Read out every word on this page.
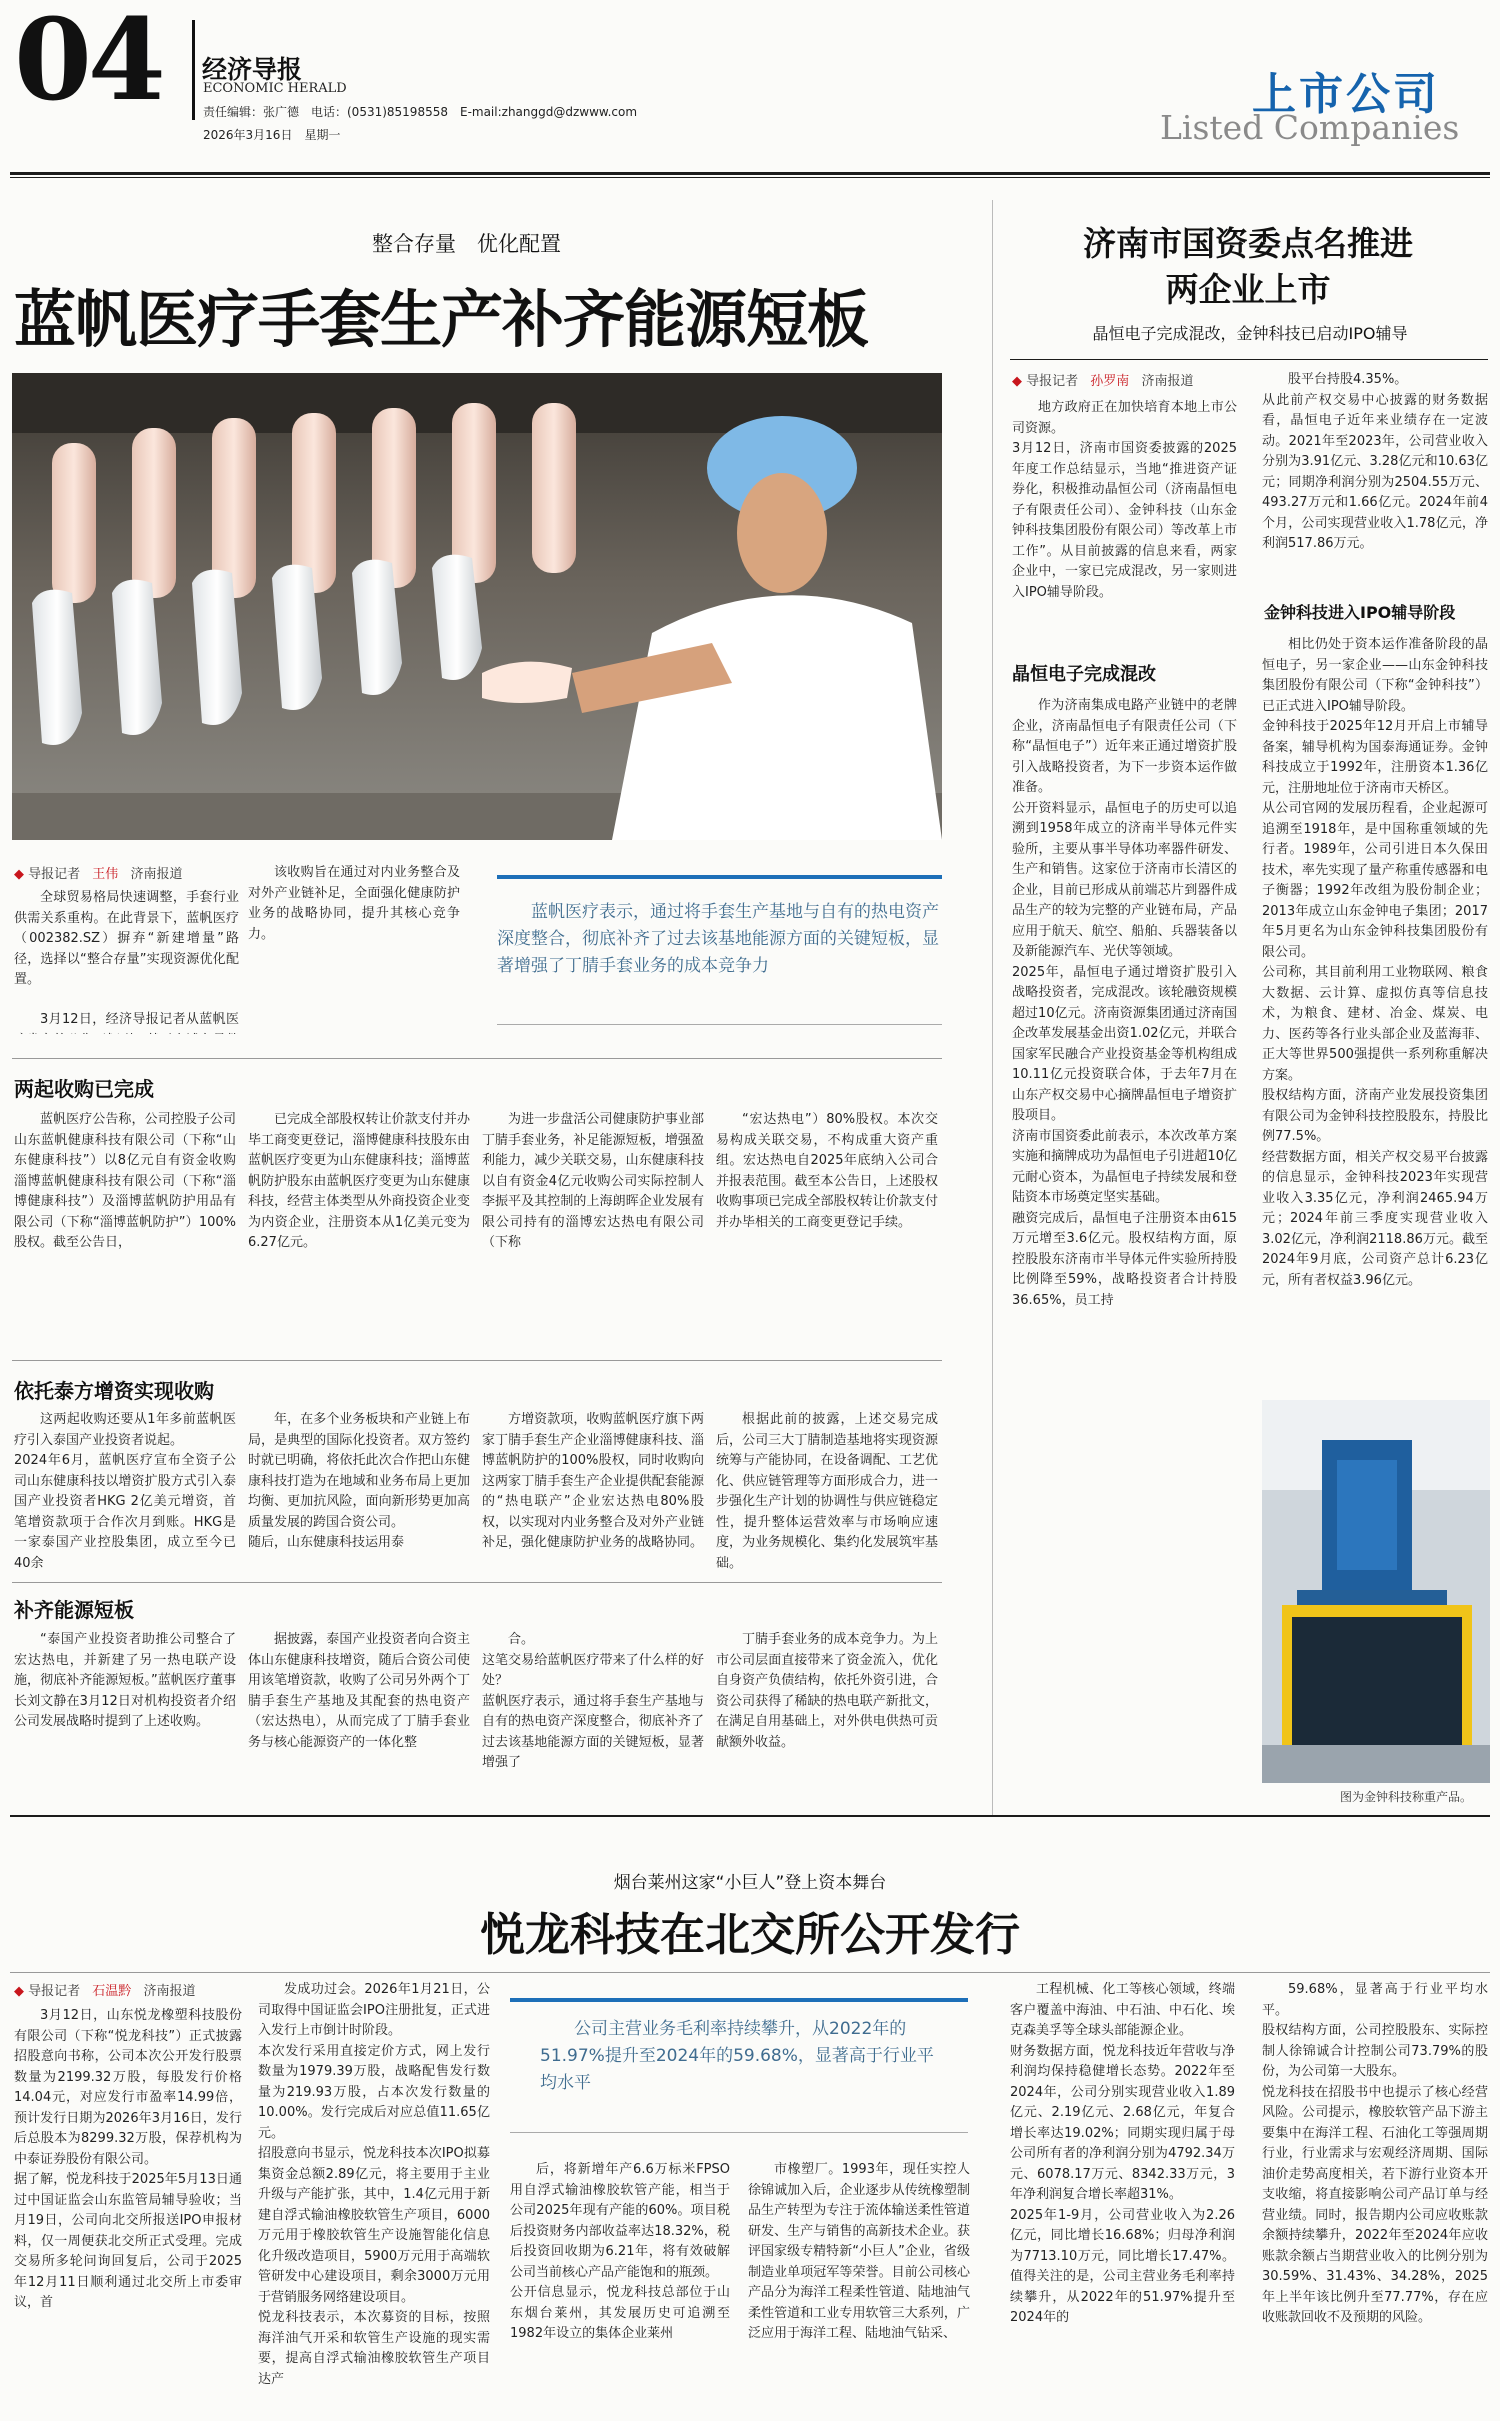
04 经济导报
ECONOMIC HERALD
责任编辑：张广德　电话：(0531)85198558　E-mail:zhanggd@dzwww.com
2026年3月16日　星期一
上市公司
Listed Companies
整合存量　优化配置
蓝帆医疗手套生产补齐能源短板
◆ 导报记者 王伟 济南报道

全球贸易格局快速调整，手套行业供需关系重构。在此背景下，蓝帆医疗（002382.SZ）摒弃“新建增量”路径，选择以“整合存量”实现资源优化配置。

3月12日，经济导报记者从蓝帆医

该收购旨在通过对内业务整合及对外产业链补足，全面强化健康防护业务的战略协同，提升其核心竞争力。

蓝帆医疗表示，通过将手套生产基地与自有的热电资产深度整合，彻底补齐了过去该基地能源方面的关键短板，显著增强了丁腈手套业务的成本竞争力
两起收购已完成

蓝帆医疗公告称，公司控股子公司山东蓝帆健康科技有限公司（下称“山东健康科技”）以8亿元自有资金收购淄博蓝帆健康科技有限公司（下称“淄博健康科技”）及淄博蓝帆防护用品有限公司（下称“淄博蓝帆防护”）100%股权。截至公告日，

已完成全部股权转让价款支付并办毕工商变更登记，淄博健康科技股东由蓝帆医疗变更为山东健康科技；淄博蓝帆防护股东由蓝帆医疗变更为山东健康科技，经营主体类型从外商投资企业变为内资企业，注册资本从1亿美元变为6.27亿元。

为进一步盘活公司健康防护事业部丁腈手套业务，补足能源短板，增强盈利能力，减少关联交易，山东健康科技以自有资金4亿元收购公司实际控制人李振平及其控制的上海朗晖企业发展有限公司持有的淄博宏达热电有限公司（下称

“宏达热电”）80%股权。本次交易构成关联交易，不构成重大资产重组。宏达热电自2025年底纳入公司合并报表范围。截至本公告日，上述股权收购事项已完成全部股权转让价款支付并办毕相关的工商变更登记手续。

依托泰方增资实现收购

这两起收购还要从1年多前蓝帆医疗引入泰国产业投资者说起。
2024年6月，蓝帆医疗宣布全资子公司山东健康科技以增资扩股方式引入泰国产业投资者HKG 2亿美元增资，首笔增资款项于合作次月到账。HKG是一家泰国产业控股集团，成立至今已40余

年，在多个业务板块和产业链上布局，是典型的国际化投资者。双方签约时就已明确，将依托此次合作把山东健康科技打造为在地域和业务布局上更加均衡、更加抗风险，面向新形势更加高质量发展的跨国合资公司。
随后，山东健康科技运用泰

方增资款项，收购蓝帆医疗旗下两家丁腈手套生产企业淄博健康科技、淄博蓝帆防护的100%股权，同时收购向这两家丁腈手套生产企业提供配套能源的“热电联产”企业宏达热电80%股权，以实现对内业务整合及对外产业链补足，强化健康防护业务的战略协同。

根据此前的披露，上述交易完成后，公司三大丁腈制造基地将实现资源统筹与产能协同，在设备调配、工艺优化、供应链管理等方面形成合力，进一步强化生产计划的协调性与供应链稳定性，提升整体运营效率与市场响应速度，为业务规模化、集约化发展筑牢基础。

补齐能源短板

“泰国产业投资者助推公司整合了宏达热电，并新建了另一热电联产设施，彻底补齐能源短板。”蓝帆医疗董事长刘文静在3月12日对机构投资者介绍公司发展战略时提到了上述收购。

据披露，泰国产业投资者向合资主体山东健康科技增资，随后合资公司使用该笔增资款，收购了公司另外两个丁腈手套生产基地及其配套的热电资产（宏达热电），从而完成了丁腈手套业务与核心能源资产的一体化整

合。
这笔交易给蓝帆医疗带来了什么样的好处？
蓝帆医疗表示，通过将手套生产基地与自有的热电资产深度整合，彻底补齐了过去该基地能源方面的关键短板，显著增强了

丁腈手套业务的成本竞争力。为上市公司层面直接带来了资金流入，优化自身资产负债结构，依托外资引进，合资公司获得了稀缺的热电联产新批文，在满足自用基础上，对外供电供热可贡献额外收益。

济南市国资委点名推进
两企业上市
晶恒电子完成混改，金钟科技已启动IPO辅导
◆ 导报记者 孙罗南 济南报道

地方政府正在加快培育本地上市公司资源。
3月12日，济南市国资委披露的2025年度工作总结显示，当地“推进资产证券化，积极推动晶恒公司（济南晶恒电子有限责任公司）、金钟科技（山东金钟科技集团股份有限公司）等改革上市工作”。从目前披露的信息来看，两家企业中，一家已完成混改，另一家则进入IPO辅导阶段。

晶恒电子完成混改

作为济南集成电路产业链中的老牌企业，济南晶恒电子有限责任公司（下称“晶恒电子”）近年来正通过增资扩股引入战略投资者，为下一步资本运作做准备。
公开资料显示，晶恒电子的历史可以追溯到1958年成立的济南半导体元件实验所，主要从事半导体功率器件研发、生产和销售。这家位于济南市长清区的企业，目前已形成从前端芯片到器件成品生产的较为完整的产业链布局，产品应用于航天、航空、船舶、兵器装备以及新能源汽车、光伏等领域。
2025年，晶恒电子通过增资扩股引入战略投资者，完成混改。该轮融资规模超过10亿元。济南资源集团通过济南国企改革发展基金出资1.02亿元，并联合国家军民融合产业投资基金等机构组成10.11亿元投资联合体，于去年7月在山东产权交易中心摘牌晶恒电子增资扩股项目。
济南市国资委此前表示，本次改革方案实施和摘牌成功为晶恒电子引进超10亿元耐心资本，为晶恒电子持续发展和登陆资本市场奠定坚实基础。
融资完成后，晶恒电子注册资本由615万元增至3.6亿元。股权结构方面，原控股股东济南市半导体元件实验所持股比例降至59%，战略投资者合计持股36.65%，员工持

股平台持股4.35%。
从此前产权交易中心披露的财务数据看，晶恒电子近年来业绩存在一定波动。2021年至2023年，公司营业收入分别为3.91亿元、3.28亿元和10.63亿元；同期净利润分别为2504.55万元、493.27万元和1.66亿元。2024年前4个月，公司实现营业收入1.78亿元，净利润517.86万元。

金钟科技进入IPO辅导阶段

相比仍处于资本运作准备阶段的晶恒电子，另一家企业——山东金钟科技集团股份有限公司（下称“金钟科技”）已正式进入IPO辅导阶段。
金钟科技于2025年12月开启上市辅导备案，辅导机构为国泰海通证券。金钟科技成立于1992年，注册资本1.36亿元，注册地址位于济南市天桥区。
从公司官网的发展历程看，企业起源可追溯至1918年，是中国称重领域的先行者。1989年，公司引进日本久保田技术，率先实现了量产称重传感器和电子衡器；1992年改组为股份制企业；2013年成立山东金钟电子集团；2017年5月更名为山东金钟科技集团股份有限公司。
公司称，其目前利用工业物联网、粮食大数据、云计算、虚拟仿真等信息技术，为粮食、建材、冶金、煤炭、电力、医药等各行业头部企业及蓝海菲、正大等世界500强提供一系列称重解决方案。
股权结构方面，济南产业发展投资集团有限公司为金钟科技控股股东，持股比例77.5%。
经营数据方面，相关产权交易平台披露的信息显示，金钟科技2023年实现营业收入3.35亿元，净利润2465.94万元；2024年前三季度实现营业收入3.02亿元，净利润2118.86万元。截至2024年9月底，公司资产总计6.23亿元，所有者权益3.96亿元。

图为金钟科技称重产品。
烟台莱州这家“小巨人”登上资本舞台
悦龙科技在北交所公开发行
◆ 导报记者 石温黔 济南报道

3月12日，山东悦龙橡塑科技股份有限公司（下称“悦龙科技”）正式披露招股意向书称，公司本次公开发行股票数量为2199.32万股，每股发行价格14.04元，对应发行市盈率14.99倍，预计发行日期为2026年3月16日，发行后总股本为8299.32万股，保荐机构为中泰证券股份有限公司。
据了解，悦龙科技于2025年5月13日通过中国证监会山东监管局辅导验收；当月19日，公司向北交所报送IPO申报材料，仅一周便获北交所正式受理。完成交易所多轮问询回复后，公司于2025年12月11日顺利通过北交所上市委审议，首

发成功过会。2026年1月21日，公司取得中国证监会IPO注册批复，正式进入发行上市倒计时阶段。
本次发行采用直接定价方式，网上发行数量为1979.39万股，战略配售发行数量为219.93万股，占本次发行数量的10.00%。发行完成后对应总值11.65亿元。
招股意向书显示，悦龙科技本次IPO拟募集资金总额2.89亿元，将主要用于主业升级与产能扩张，其中，1.4亿元用于新建自浮式输油橡胶软管生产项目，6000万元用于橡胶软管生产设施智能化信息化升级改造项目，5900万元用于高端软管研发中心建设项目，剩余3000万元用于营销服务网络建设项目。
悦龙科技表示，本次募资的目标，按照海洋油气开采和软管生产设施的现实需要，提高自浮式输油橡胶软管生产项目达产

公司主营业务毛利率持续攀升，从2022年的51.97%提升至2024年的59.68%，显著高于行业平均水平

后，将新增年产6.6万标米FPSO用自浮式输油橡胶软管产能，相当于公司2025年现有产能的60%。项目税后投资财务内部收益率达18.32%，税后投资回收期为6.21年，将有效破解公司当前核心产品产能饱和的瓶颈。
公开信息显示，悦龙科技总部位于山东烟台莱州，其发展历史可追溯至1982年设立的集体企业莱州

市橡塑厂。1993年，现任实控人徐锦诚加入后，企业逐步从传统橡塑制品生产转型为专注于流体输送柔性管道研发、生产与销售的高新技术企业。获评国家级专精特新“小巨人”企业，省级制造业单项冠军等荣誉。目前公司核心产品分为海洋工程柔性管道、陆地油气柔性管道和工业专用软管三大系列，广泛应用于海洋工程、陆地油气钻采、

工程机械、化工等核心领域，终端客户覆盖中海油、中石油、中石化、埃克森美孚等全球头部能源企业。
财务数据方面，悦龙科技近年营收与净利润均保持稳健增长态势。2022年至2024年，公司分别实现营业收入1.89亿元、2.19亿元、2.68亿元，年复合增长率达19.02%；同期实现归属于母公司所有者的净利润分别为4792.34万元、6078.17万元、8342.33万元，3年净利润复合增长率超31%。
2025年1-9月，公司营业收入为2.26亿元，同比增长16.68%；归母净利润为7713.10万元，同比增长17.47%。值得关注的是，公司主营业务毛利率持续攀升，从2022年的51.97%提升至2024年的

59.68%，显著高于行业平均水平。
股权结构方面，公司控股股东、实际控制人徐锦诚合计控制公司73.79%的股份，为公司第一大股东。
悦龙科技在招股书中也提示了核心经营风险。公司提示，橡胶软管产品下游主要集中在海洋工程、石油化工等强周期行业，行业需求与宏观经济周期、国际油价走势高度相关，若下游行业资本开支收缩，将直接影响公司产品订单与经营业绩。同时，报告期内公司应收账款余额持续攀升，2022年至2024年应收账款余额占当期营业收入的比例分别为30.59%、31.43%、34.28%，2025年上半年该比例升至77.77%，存在应收账款回收不及预期的风险。
